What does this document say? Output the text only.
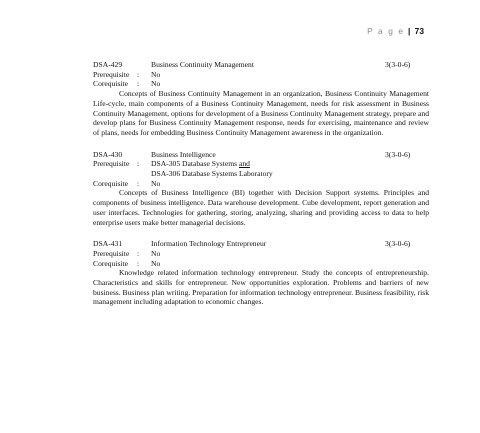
P a g e | 73
DSA-429	Business Continuity Management	3(3-0-6)
Prerequisite	:	No
Corequisite	:	No

Concepts of Business Continuity Management in an organization, Business Continuity Management Life-cycle, main components of a Business Continuity Management, needs for risk assessment in Business Continuity Management, options for development of a Business Continuity Management strategy, prepare and develop plans for Business Continuity Management response, needs for exercising, maintenance and review of plans, needs for embedding Business Continuity Management awareness in the organization.

DSA-430	Business Intelligence	3(3-0-6)
Prerequisite	:	DSA-305 Database Systems and
DSA-306 Database Systems Laboratory
Corequisite	:	No

Concepts of Business Intelligence (BI) together with Decision Support systems. Principles and components of business intelligence. Data warehouse development. Cube development, report generation and user interfaces. Technologies for gathering, storing, analyzing, sharing and providing access to data to help enterprise users make better managerial decisions.

DSA-431	Information Technology Entrepreneur	3(3-0-6)
Prerequisite	:	No
Corequisite	:	No

Knowledge related information technology entrepreneur. Study the concepts of entrepreneurship. Characteristics and skills for entrepreneur. New opportunities exploration. Problems and barriers of new business. Business plan writing. Preparation for information technology entrepreneur. Business feasibility, risk management including adaptation to economic changes.
